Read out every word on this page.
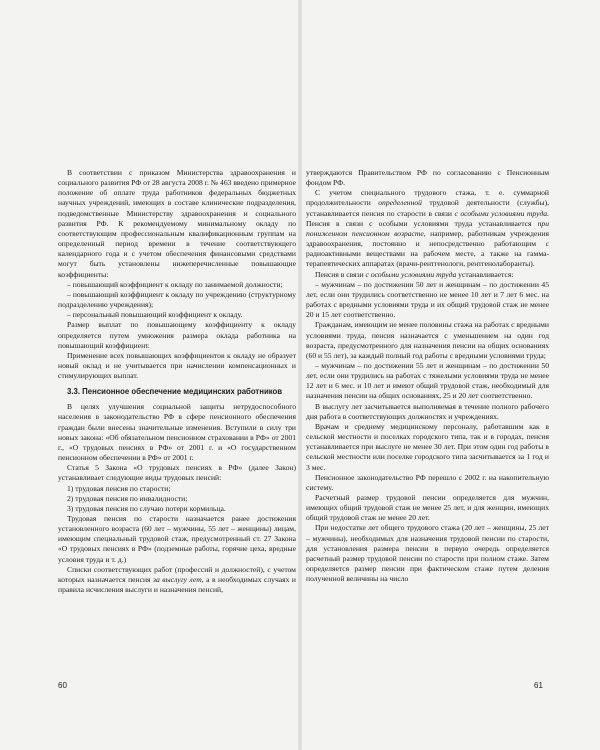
В соответствии с приказом Министерства здравоохранения и социального развития РФ от 28 августа 2008 г. № 463 введено примерное положение об оплате труда работников федеральных бюджетных научных учреждений, имеющих в составе клинические подразделения, подведомственные Министерству здравоохранения и социального развития РФ. К рекомендуемому минимальному окладу по соответствующим профессиональным квалификационным группам на определенный период времени в течение соответствующего календарного года и с учетом обеспечения финансовыми средствами могут быть установлены нижеперечисленные повышающие коэффициенты:

– повышающий коэффициент к окладу по занимаемой должности;

– повышающий коэффициент к окладу по учреждению (структурному подразделению учреждения);

– персональный повышающий коэффициент к окладу.

Размер выплат по повышающему коэффициенту к окладу определяется путем умножения размера оклада работника на повышающий коэффициент.

Применение всех повышающих коэффициентов к окладу не образует новый оклад и не учитывается при начислении компенсационных и стимулирующих выплат.

3.3. Пенсионное обеспечение медицинских работников

В целях улучшения социальной защиты нетрудоспособного населения в законодательство РФ в сфере пенсионного обеспечения граждан были внесены значительные изменения. Вступили в силу три новых закона: «Об обязательном пенсионном страховании в РФ» от 2001 г., «О трудовых пенсиях в РФ» от 2001 г. и «О государственном пенсионном обеспечении в РФ» от 2001 г.

Статья 5 Закона «О трудовых пенсиях в РФ» (далее Закон) устанавливает следующие виды трудовых пенсий:

1) трудовая пенсия по старости;

2) трудовая пенсия по инвалидности;

3) трудовая пенсия по случаю потери кормильца.

Трудовая пенсия по старости назначается ранее достижения установленного возраста (60 лет – мужчины, 55 лет – женщины) лицам, имеющим специальный трудовой стаж, предусмотренный ст. 27 Закона «О трудовых пенсиях в РФ» (подземные работы, горячие цеха, вредные условия труда и т. д.)

Списки соответствующих работ (профессий и должностей), с учетом которых назначается пенсия за выслугу лет, а в необходимых случаях и правила исчисления выслуги и назначения пенсий,

60

утверждаются Правительством РФ по согласованию с Пенсионным фондом РФ.

С учетом специального трудового стажа, т. е. суммарной продолжительности определенной трудовой деятельности (службы), устанавливается пенсия по старости в связи с особыми условиями труда. Пенсия в связи с особыми условиями труда устанавливается при пониженном пенсионном возрасте, например, работникам учреждения здравоохранения, постоянно и непосредственно работающим с радиоактивными веществами на рабочем месте, а также на гамма-терапевтических аппаратах (врачи-рентгенологи, рентгенолаборанты).

Пенсия в связи с особыми условиями труда устанавливается:

– мужчинам – по достижении 50 лет и женщинам – по достижении 45 лет, если они трудились соответственно не менее 10 лет и 7 лет 6 мес. на работах с вредными условиями труда и их общий трудовой стаж не менее 20 и 15 лет соответственно.

Гражданам, имеющим не менее половины стажа на работах с вредными условиями труда, пенсия назначается с уменьшением на один год возраста, предусмотренного для назначения пенсии на общих основаниях (60 и 55 лет), за каждый полный год работы с вредными условиями труда;

– мужчинам – по достижении 55 лет и женщинам – по достижении 50 лет, если они трудились на работах с тяжелыми условиями труда не менее 12 лет и 6 мес. и 10 лет и имеют общий трудовой стаж, необходимый для назначения пенсии на общих основаниях, 25 и 20 лет соответственно.

В выслугу лет засчитывается выполняемая в течение полного рабочего дня работа в соответствующих должностях и учреждениях.

Врачам и среднему медицинскому персоналу, работавшим как в сельской местности и поселках городского типа, так и в городах, пенсия устанавливается при выслуге не менее 30 лет. При этом один год работы в сельской местности или поселке городского типа засчитывается за 1 год и 3 мес.

Пенсионное законодательство РФ перешло с 2002 г. на накопительную систему.

Расчетный размер трудовой пенсии определяется для мужчин, имеющих общий трудовой стаж не менее 25 лет, и для женщин, имеющих общий трудовой стаж не менее 20 лет.

При недостатке лет общего трудового стажа (20 лет – женщины, 25 лет – мужчины), необходимых для назначения трудовой пенсии по старости, для установления размера пенсии в первую очередь определяется расчетный размер трудовой пенсии по старости при полном стаже. Затем определяется размер пенсии при фактическом стаже путем деления полученной величины на число

61
